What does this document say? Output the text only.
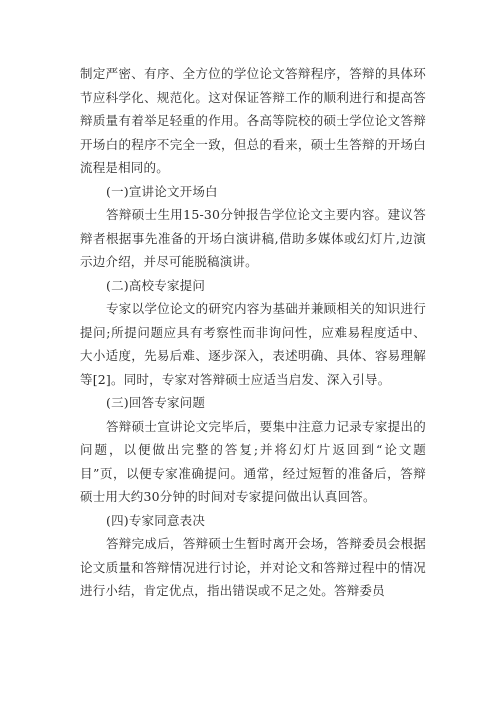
制定严密、有序、全方位的学位论文答辩程序，答辩的具体环节应科学化、规范化。这对保证答辩工作的顺利进行和提高答辩质量有着举足轻重的作用。各高等院校的硕士学位论文答辩开场白的程序不完全一致，但总的看来，硕士生答辩的开场白流程是相同的。

(一)宣讲论文开场白

答辩硕士生用15-30分钟报告学位论文主要内容。建议答辩者根据事先准备的开场白演讲稿,借助多媒体或幻灯片,边演示边介绍，并尽可能脱稿演讲。

(二)高校专家提问

专家以学位论文的研究内容为基础并兼顾相关的知识进行提问;所提问题应具有考察性而非询问性，应难易程度适中、大小适度，先易后难、逐步深入，表述明确、具体、容易理解等[2]。同时，专家对答辩硕士应适当启发、深入引导。

(三)回答专家问题

答辩硕士宣讲论文完毕后，要集中注意力记录专家提出的问题，以便做出完整的答复;并将幻灯片返回到“论文题目”页，以便专家准确提问。通常，经过短暂的准备后，答辩硕士用大约30分钟的时间对专家提问做出认真回答。

(四)专家同意表决

答辩完成后，答辩硕士生暂时离开会场，答辩委员会根据论文质量和答辩情况进行讨论，并对论文和答辩过程中的情况进行小结，肯定优点，指出错误或不足之处。答辩委员
